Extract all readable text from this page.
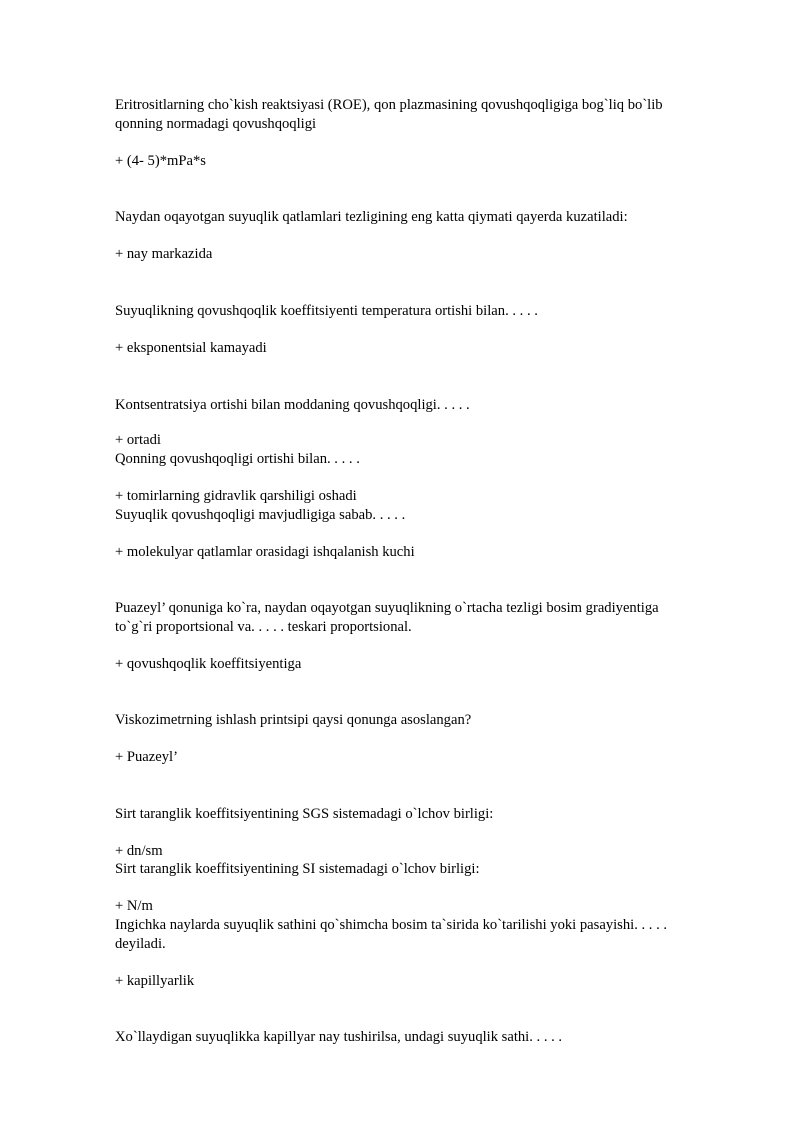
Eritrositlarning cho`kish reaktsiyasi (ROE), qon plazmasining qovushqoqligiga bog`liq bo`lib
qonning normadagi qovushqoqligi
+ (4- 5)*mPa*s
Naydan oqayotgan suyuqlik qatlamlari tezligining eng katta qiymati qayerda kuzatiladi:
+ nay markazida
Suyuqlikning qovushqoqlik koeffitsiyenti temperatura ortishi bilan. . . . .
+ eksponentsial kamayadi
Kontsentratsiya ortishi bilan moddaning qovushqoqligi. . . . .
+ ortadi
Qonning qovushqoqligi ortishi bilan. . . . .
+ tomirlarning gidravlik qarshiligi oshadi
Suyuqlik qovushqoqligi mavjudligiga sabab. . . . .
+ molekulyar qatlamlar orasidagi ishqalanish kuchi
Puazeyl’ qonuniga ko`ra, naydan oqayotgan suyuqlikning o`rtacha tezligi bosim gradiyentiga
to`g`ri proportsional va. . . . . teskari proportsional.
+ qovushqoqlik koeffitsiyentiga
Viskozimetrning ishlash printsipi qaysi qonunga asoslangan?
+ Puazeyl’
Sirt taranglik koeffitsiyentining SGS sistemadagi o`lchov birligi:
+ dn/sm
Sirt taranglik koeffitsiyentining SI sistemadagi o`lchov birligi:
+ N/m
Ingichka naylarda suyuqlik sathini qo`shimcha bosim ta`sirida ko`tarilishi yoki pasayishi. . . . .
deyiladi.
+ kapillyarlik
Xo`llaydigan suyuqlikka kapillyar nay tushirilsa, undagi suyuqlik sathi. . . . .
